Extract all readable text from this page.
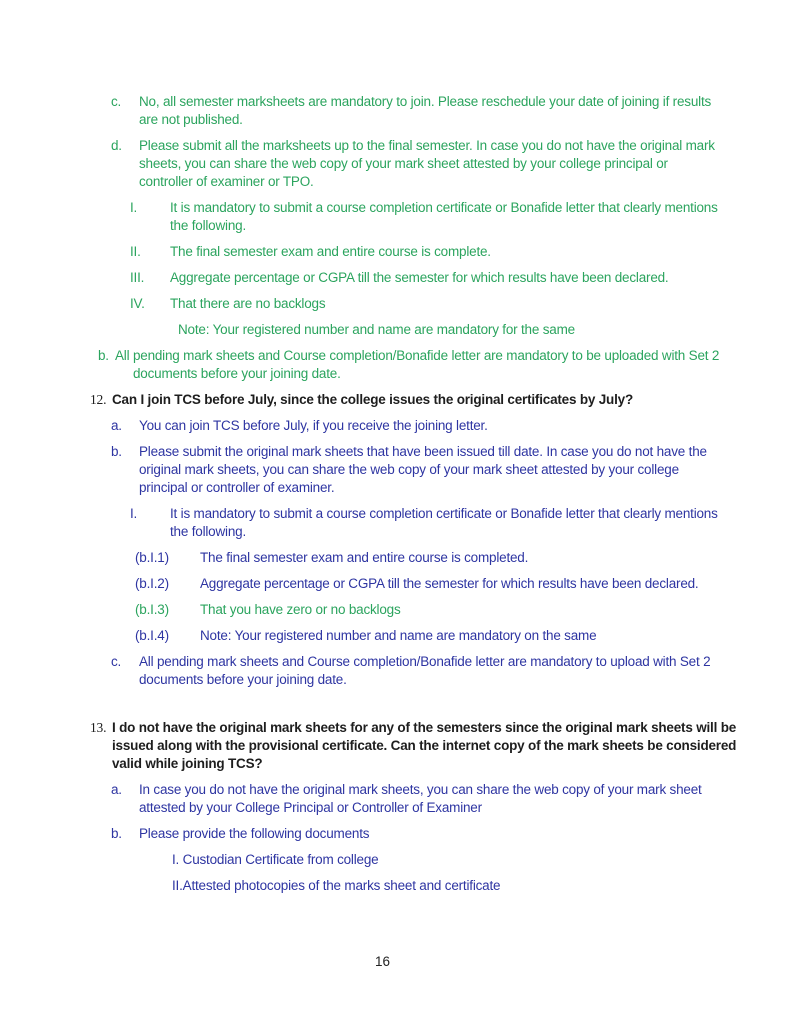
c. No, all semester marksheets are mandatory to join. Please reschedule your date of joining if results are not published.
d. Please submit all the marksheets up to the final semester. In case you do not have the original mark sheets, you can share the web copy of your mark sheet attested by your college principal or controller of examiner or TPO.
I. It is mandatory to submit a course completion certificate or Bonafide letter that clearly mentions the following.
II. The final semester exam and entire course is complete.
III. Aggregate percentage or CGPA till the semester for which results have been declared.
IV. That there are no backlogs
Note: Your registered number and name are mandatory for the same
b. All pending mark sheets and Course completion/Bonafide letter are mandatory to be uploaded with Set 2 documents before your joining date.
12. Can I join TCS before July, since the college issues the original certificates by July?
a. You can join TCS before July, if you receive the joining letter.
b. Please submit the original mark sheets that have been issued till date. In case you do not have the original mark sheets, you can share the web copy of your mark sheet attested by your college principal or controller of examiner.
I. It is mandatory to submit a course completion certificate or Bonafide letter that clearly mentions the following.
(b.I.1) The final semester exam and entire course is completed.
(b.I.2) Aggregate percentage or CGPA till the semester for which results have been declared.
(b.I.3) That you have zero or no backlogs
(b.I.4) Note: Your registered number and name are mandatory on the same
c. All pending mark sheets and Course completion/Bonafide letter are mandatory to upload with Set 2 documents before your joining date.
13. I do not have the original mark sheets for any of the semesters since the original mark sheets will be issued along with the provisional certificate. Can the internet copy of the mark sheets be considered valid while joining TCS?
a. In case you do not have the original mark sheets, you can share the web copy of your mark sheet attested by your College Principal or Controller of Examiner
b. Please provide the following documents
I. Custodian Certificate from college
II.Attested photocopies of the marks sheet and certificate
16
